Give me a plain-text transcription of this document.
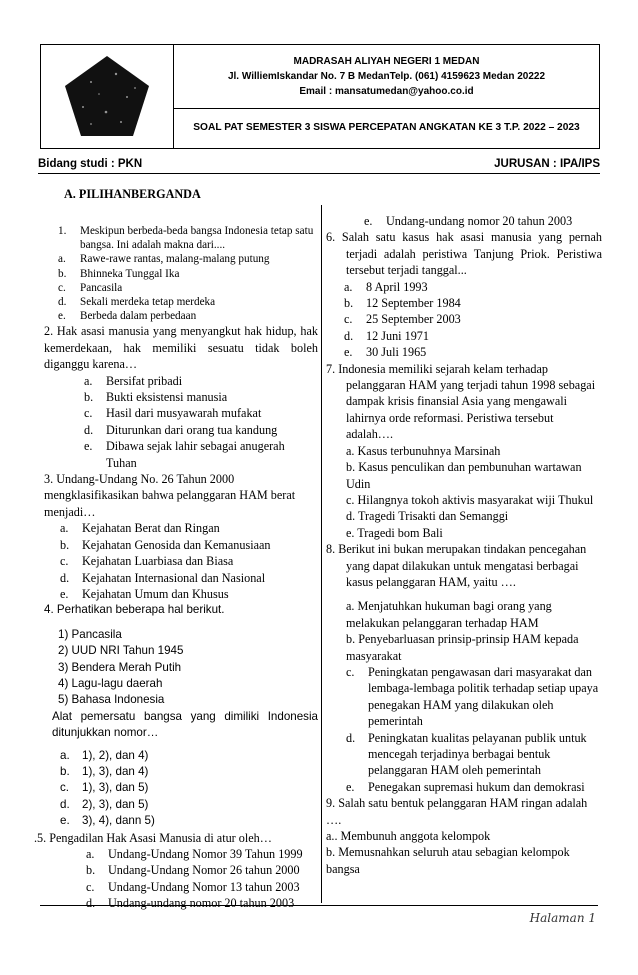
MADRASAH ALIYAH NEGERI 1 MEDAN
Jl. WilliemIskandar No. 7 B MedanTelp. (061) 4159623 Medan 20222
Email : mansatumedan@yahoo.co.id
SOAL PAT SEMESTER 3 SISWA PERCEPATAN ANGKATAN KE 3 T.P. 2022 – 2023
Bidang studi : PKN	JURUSAN : IPA/IPS
A. PILIHANBERGANDA
1.	Meskipun berbeda-beda bangsa Indonesia tetap satu bangsa. Ini adalah makna dari....
a.	Rawe-rawe rantas, malang-malang putung
b.	Bhinneka Tunggal Ika
c.	Pancasila
d.	Sekali merdeka tetap merdeka
e.	Berbeda dalam perbedaan
2. Hak asasi manusia yang menyangkut hak hidup, hak kemerdekaan, hak memiliki sesuatu tidak boleh diganggu karena…
a.	Bersifat pribadi
b.	Bukti eksistensi manusia
c.	Hasil dari musyawarah mufakat
d.	Diturunkan dari orang tua kandung
e.	Dibawa sejak lahir sebagai anugerah Tuhan
3. Undang-Undang No. 26 Tahun 2000 mengklasifikasikan bahwa pelanggaran HAM berat menjadi…
a.	Kejahatan Berat dan Ringan
b.	Kejahatan Genosida dan Kemanusiaan
c.	Kejahatan Luarbiasa dan Biasa
d.	Kejahatan Internasional dan Nasional
e.	Kejahatan Umum dan Khusus
4. Perhatikan beberapa hal berikut.
1) Pancasila
2) UUD NRI Tahun 1945
3) Bendera Merah Putih
4) Lagu-lagu daerah
5) Bahasa Indonesia
Alat pemersatu bangsa yang dimiliki Indonesia ditunjukkan nomor…
a.	1), 2), dan 4)
b.	1), 3), dan 4)
c.	1), 3), dan 5)
d.	2), 3), dan 5)
e.	3), 4), dann 5)
.5. Pengadilan Hak Asasi Manusia di atur oleh…
a.	Undang-Undang Nomor 39 Tahun 1999
b.	Undang-Undang Nomor 26 tahun 2000
c.	Undang-Undang Nomor 13 tahun 2003
d.	Undang-undang nomor 20 tahun 2003
e.	Undang-undang nomor 20 tahun 2003
6. Salah satu kasus hak asasi manusia yang pernah terjadi adalah peristiwa Tanjung Priok. Peristiwa tersebut terjadi tanggal...
a.	8 April 1993
b.	12 September 1984
c.	25 September 2003
d.	12 Juni 1971
e.	30 Juli 1965
7. Indonesia memiliki sejarah kelam terhadap pelanggaran HAM yang terjadi tahun 1998 sebagai dampak krisis finansial Asia yang mengawali lahirnya orde reformasi. Peristiwa tersebut adalah….
a. Kasus terbunuhnya Marsinah
b. Kasus penculikan dan pembunuhan wartawan Udin
c. Hilangnya tokoh aktivis masyarakat wiji Thukul
d. Tragedi Trisakti dan Semanggi
e. Tragedi bom Bali
8. Berikut ini bukan merupakan tindakan pencegahan yang dapat dilakukan untuk mengatasi berbagai kasus pelanggaran HAM, yaitu ….
a. Menjatuhkan hukuman bagi orang yang melakukan pelanggaran terhadap HAM
b. Penyebarluasan prinsip-prinsip HAM kepada masyarakat
c.	Peningkatan pengawasan dari masyarakat dan lembaga-lembaga politik terhadap setiap upaya penegakan HAM yang dilakukan oleh pemerintah
d.	Peningkatan kualitas pelayanan publik untuk mencegah terjadinya berbagai bentuk pelanggaran HAM oleh pemerintah
e.	Penegakan supremasi hukum dan demokrasi
9. Salah satu bentuk pelanggaran HAM ringan adalah ….
a.. Membunuh anggota kelompok
b. Memusnahkan seluruh atau sebagian kelompok bangsa
Halaman 1
